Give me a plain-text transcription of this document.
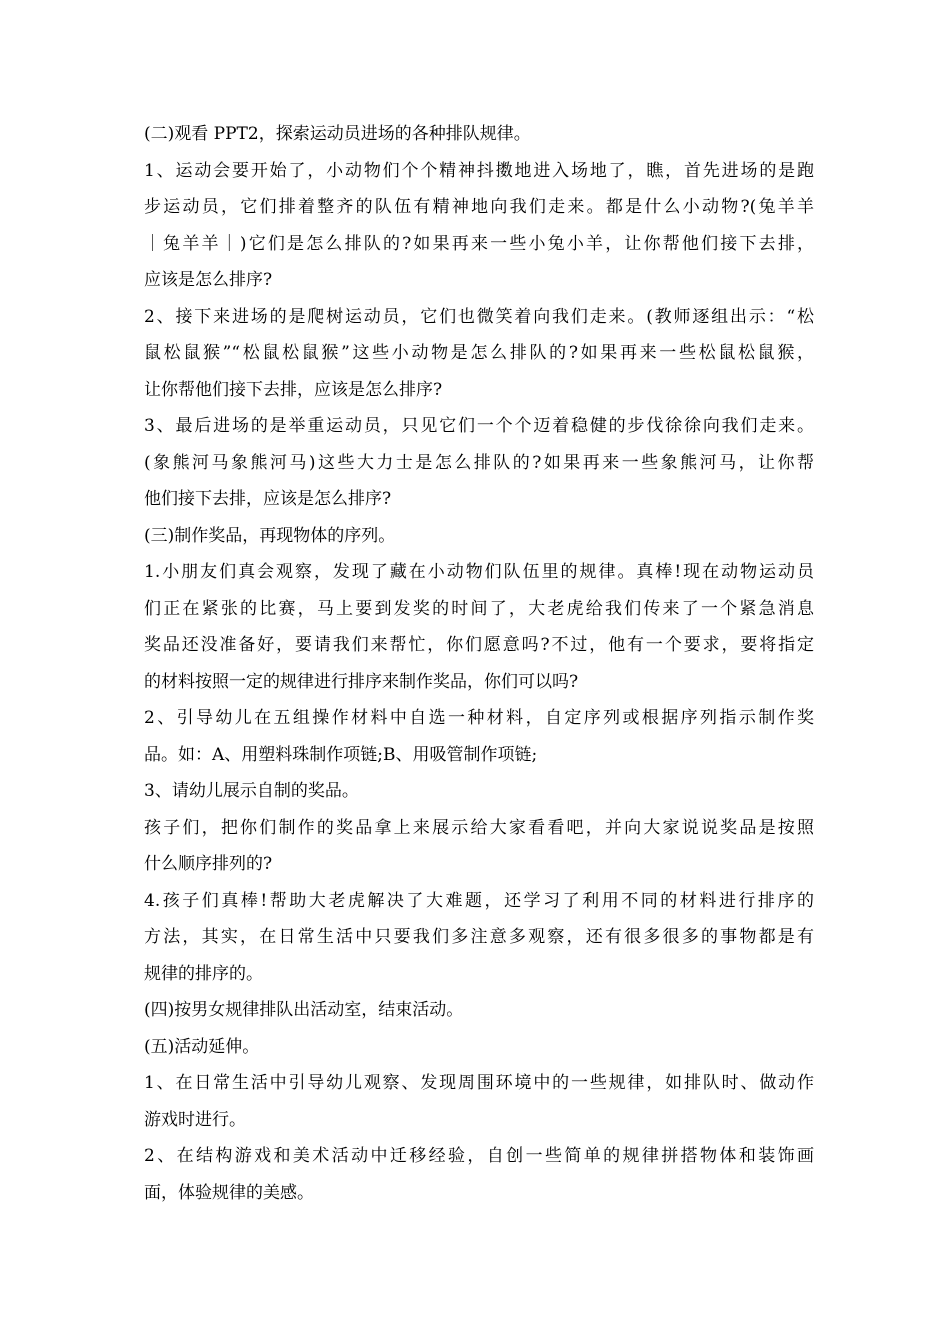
(二)观看 PPT2，探索运动员进场的各种排队规律。
1、运动会要开始了，小动物们个个精神抖擞地进入场地了，瞧，首先进场的是跑
步运动员，它们排着整齐的队伍有精神地向我们走来。都是什么小动物?(兔羊羊
｜兔羊羊｜)它们是怎么排队的?如果再来一些小兔小羊，让你帮他们接下去排，
应该是怎么排序?
2、接下来进场的是爬树运动员，它们也微笑着向我们走来。(教师逐组出示：“松
鼠松鼠猴”“松鼠松鼠猴”这些小动物是怎么排队的?如果再来一些松鼠松鼠猴，
让你帮他们接下去排，应该是怎么排序?
3、最后进场的是举重运动员，只见它们一个个迈着稳健的步伐徐徐向我们走来。
(象熊河马象熊河马)这些大力士是怎么排队的?如果再来一些象熊河马，让你帮
他们接下去排，应该是怎么排序?
(三)制作奖品，再现物体的序列。
1.小朋友们真会观察，发现了藏在小动物们队伍里的规律。真棒!现在动物运动员
们正在紧张的比赛，马上要到发奖的时间了，大老虎给我们传来了一个紧急消息
奖品还没准备好，要请我们来帮忙，你们愿意吗?不过，他有一个要求，要将指定
的材料按照一定的规律进行排序来制作奖品，你们可以吗?
2、引导幼儿在五组操作材料中自选一种材料，自定序列或根据序列指示制作奖
品。如：A、用塑料珠制作项链;B、用吸管制作项链;
3、请幼儿展示自制的奖品。
孩子们，把你们制作的奖品拿上来展示给大家看看吧，并向大家说说奖品是按照
什么顺序排列的?
4.孩子们真棒!帮助大老虎解决了大难题，还学习了利用不同的材料进行排序的
方法，其实，在日常生活中只要我们多注意多观察，还有很多很多的事物都是有
规律的排序的。
(四)按男女规律排队出活动室，结束活动。
(五)活动延伸。
1、在日常生活中引导幼儿观察、发现周围环境中的一些规律，如排队时、做动作
游戏时进行。
2、在结构游戏和美术活动中迁移经验，自创一些简单的规律拼搭物体和装饰画
面，体验规律的美感。
